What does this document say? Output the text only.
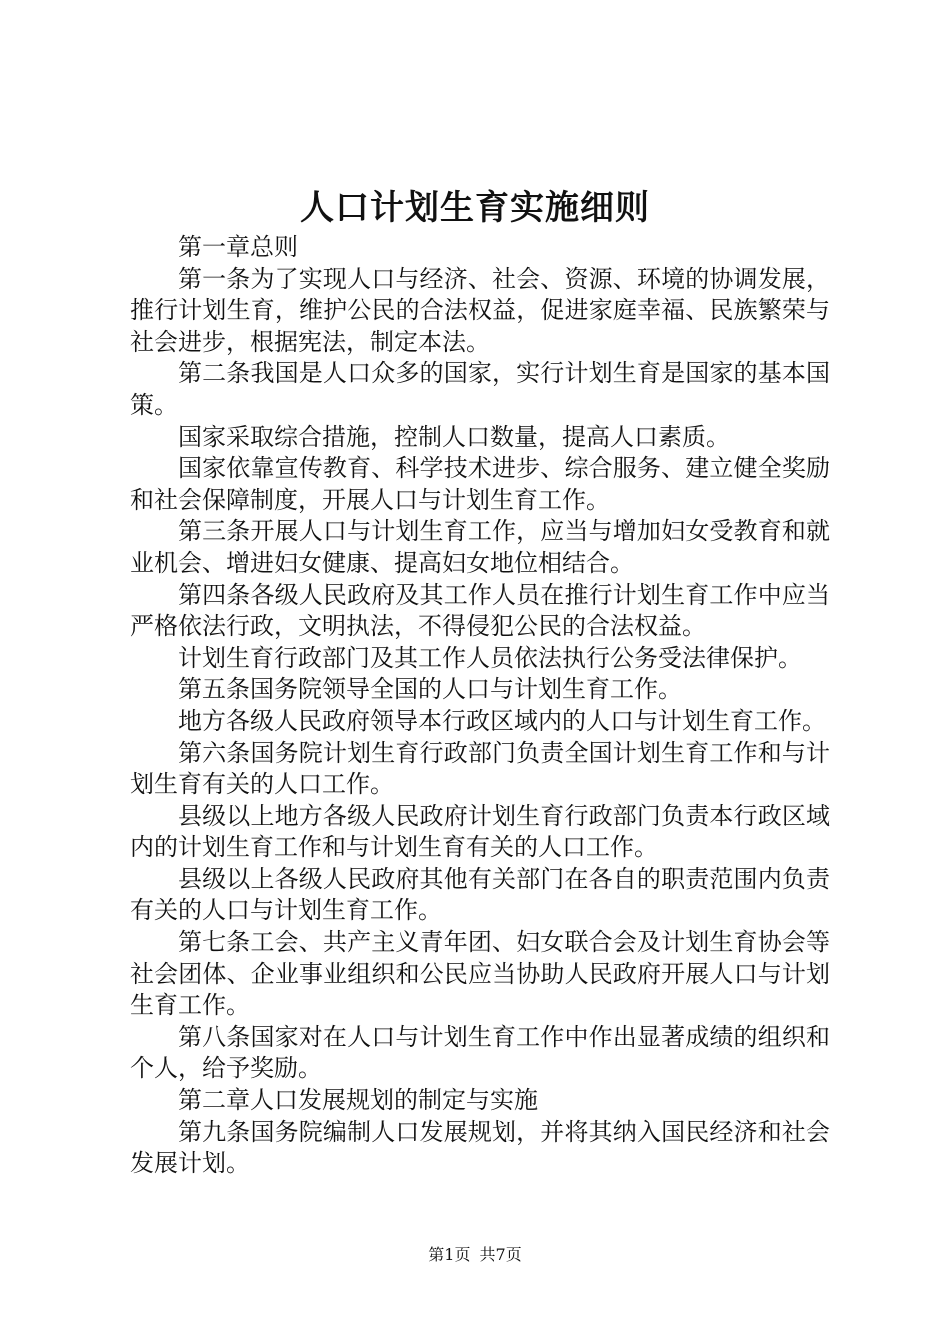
人口计划生育实施细则

第一章总则

第一条为了实现人口与经济、社会、资源、环境的协调发展，推行计划生育，维护公民的合法权益，促进家庭幸福、民族繁荣与社会进步，根据宪法，制定本法。

第二条我国是人口众多的国家，实行计划生育是国家的基本国策。

国家采取综合措施，控制人口数量，提高人口素质。

国家依靠宣传教育、科学技术进步、综合服务、建立健全奖励和社会保障制度，开展人口与计划生育工作。

第三条开展人口与计划生育工作，应当与增加妇女受教育和就业机会、增进妇女健康、提高妇女地位相结合。

第四条各级人民政府及其工作人员在推行计划生育工作中应当严格依法行政，文明执法，不得侵犯公民的合法权益。

计划生育行政部门及其工作人员依法执行公务受法律保护。

第五条国务院领导全国的人口与计划生育工作。

地方各级人民政府领导本行政区域内的人口与计划生育工作。

第六条国务院计划生育行政部门负责全国计划生育工作和与计划生育有关的人口工作。

县级以上地方各级人民政府计划生育行政部门负责本行政区域内的计划生育工作和与计划生育有关的人口工作。

县级以上各级人民政府其他有关部门在各自的职责范围内负责有关的人口与计划生育工作。

第七条工会、共产主义青年团、妇女联合会及计划生育协会等社会团体、企业事业组织和公民应当协助人民政府开展人口与计划生育工作。

第八条国家对在人口与计划生育工作中作出显著成绩的组织和个人，给予奖励。

第二章人口发展规划的制定与实施

第九条国务院编制人口发展规划，并将其纳入国民经济和社会发展计划。

第1页 共7页
